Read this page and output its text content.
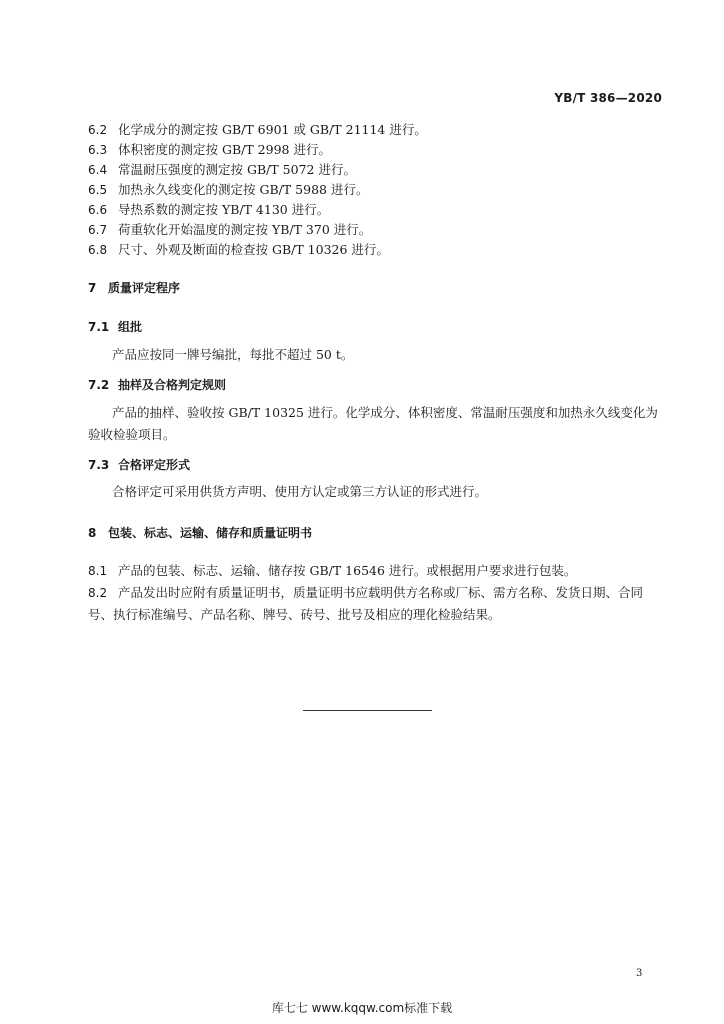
YB/T 386—2020
6.2 化学成分的测定按 GB/T 6901 或 GB/T 21114 进行。
6.3 体积密度的测定按 GB/T 2998 进行。
6.4 常温耐压强度的测定按 GB/T 5072 进行。
6.5 加热永久线变化的测定按 GB/T 5988 进行。
6.6 导热系数的测定按 YB/T 4130 进行。
6.7 荷重软化开始温度的测定按 YB/T 370 进行。
6.8 尺寸、外观及断面的检查按 GB/T 10326 进行。
7 质量评定程序
7.1 组批
产品应按同一牌号编批，每批不超过 50 t。
7.2 抽样及合格判定规则
产品的抽样、验收按 GB/T 10325 进行。化学成分、体积密度、常温耐压强度和加热永久线变化为验收检验项目。
7.3 合格评定形式
合格评定可采用供货方声明、使用方认定或第三方认证的形式进行。
8 包装、标志、运输、储存和质量证明书
8.1 产品的包装、标志、运输、储存按 GB/T 16546 进行。或根据用户要求进行包装。
8.2 产品发出时应附有质量证明书，质量证明书应载明供方名称或厂标、需方名称、发货日期、合同号、执行标准编号、产品名称、牌号、砖号、批号及相应的理化检验结果。
3
库七七 www.kqqw.com标准下载
